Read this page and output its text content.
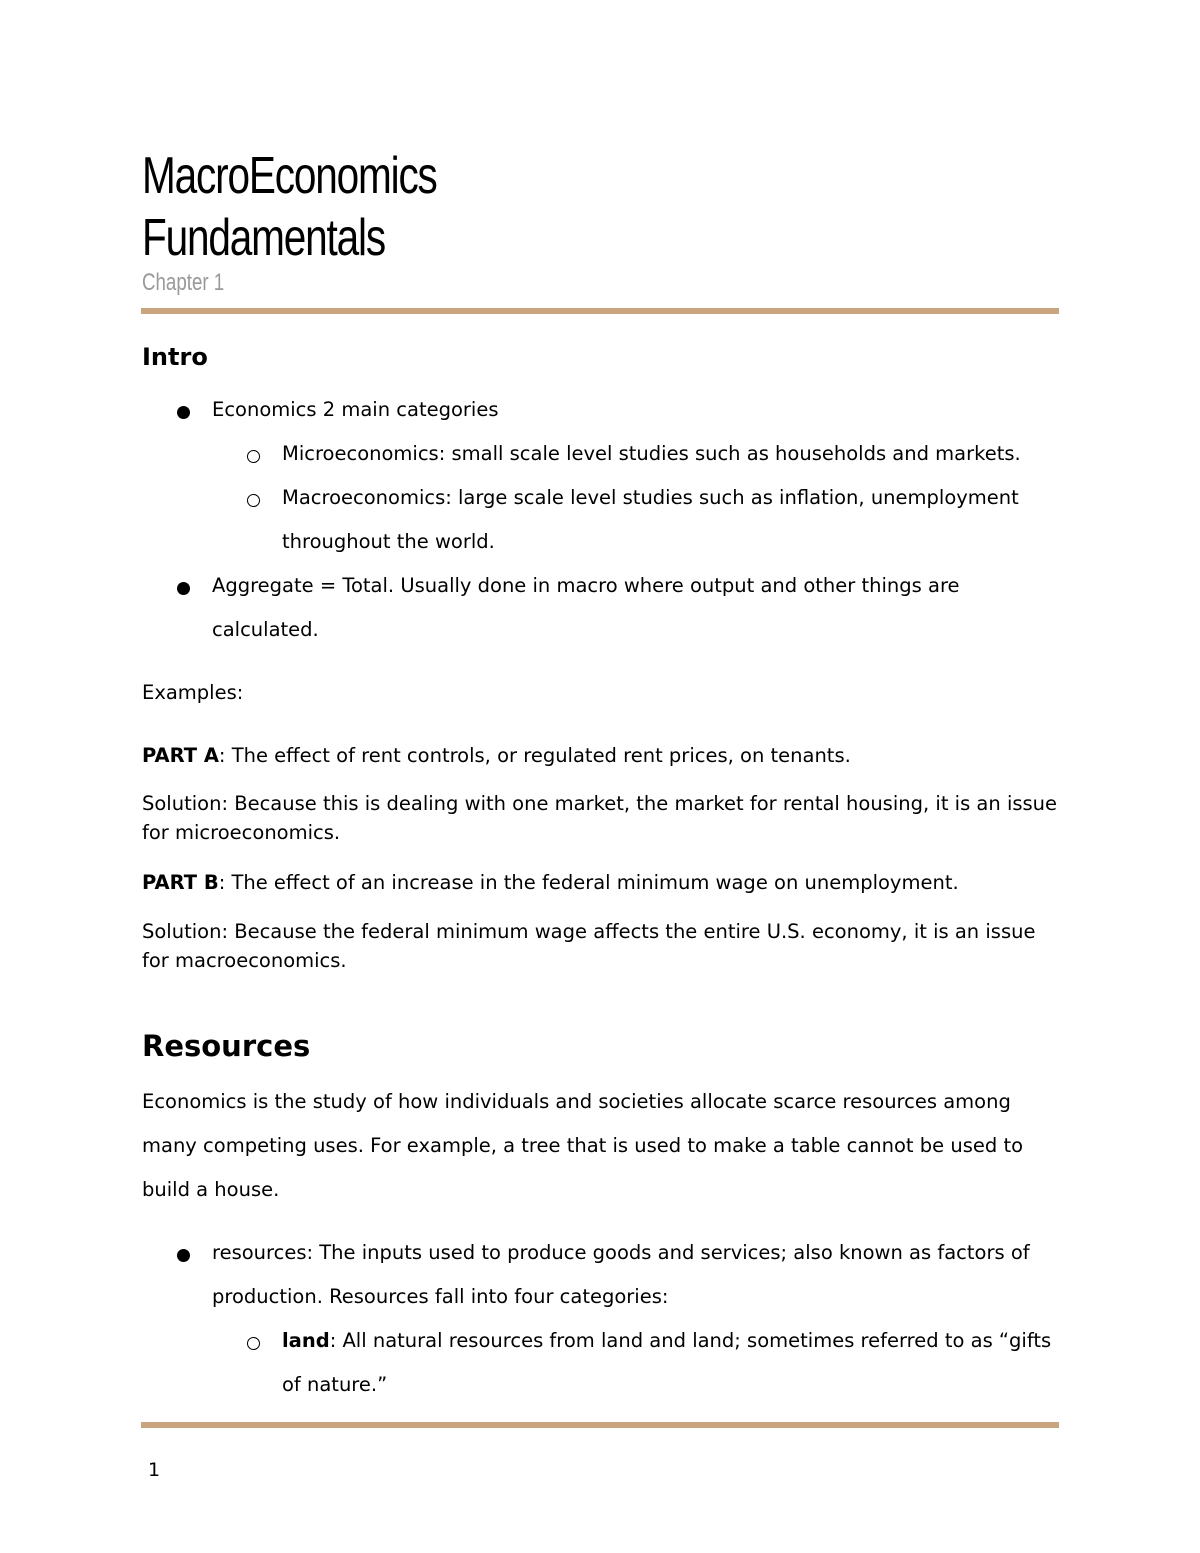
MacroEconomics
Fundamentals
Chapter 1
Intro
Economics 2 main categories
Microeconomics: small scale level studies such as households and markets.
Macroeconomics: large scale level studies such as inflation, unemployment throughout the world.
Aggregate = Total. Usually done in macro where output and other things are calculated.
Examples:
PART A: The effect of rent controls, or regulated rent prices, on tenants.
Solution: Because this is dealing with one market, the market for rental housing, it is an issue for microeconomics.
PART B: The effect of an increase in the federal minimum wage on unemployment.
Solution: Because the federal minimum wage affects the entire U.S. economy, it is an issue for macroeconomics.
Resources
Economics is the study of how individuals and societies allocate scarce resources among many competing uses. For example, a tree that is used to make a table cannot be used to build a house.
resources: The inputs used to produce goods and services; also known as factors of production. Resources fall into four categories:
land: All natural resources from land and land; sometimes referred to as “gifts of nature.”
1
